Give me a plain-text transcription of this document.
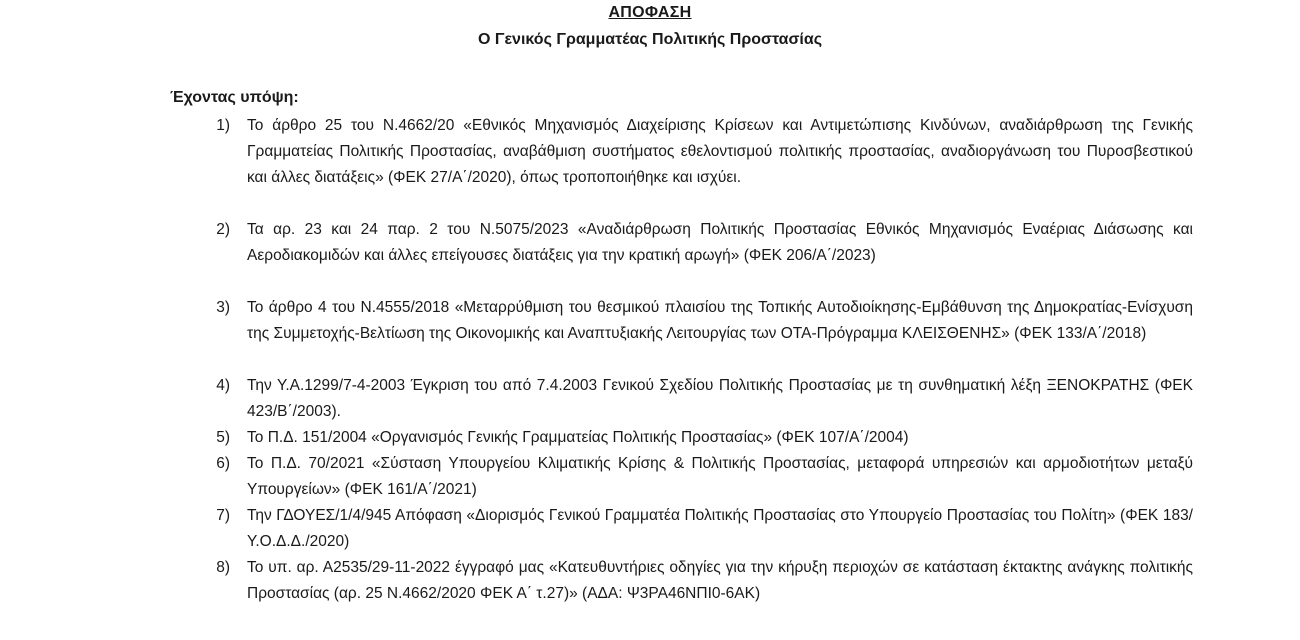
ΑΠΟΦΑΣΗ
Ο Γενικός Γραμματέας Πολιτικής Προστασίας
Έχοντας υπόψη:
1) Το άρθρο 25 του Ν.4662/20 «Εθνικός Μηχανισμός Διαχείρισης Κρίσεων και Αντιμετώπισης Κινδύνων, αναδιάρθρωση της Γενικής Γραμματείας Πολιτικής Προστασίας, αναβάθμιση συστήματος εθελοντισμού πολιτικής προστασίας, αναδιοργάνωση του Πυροσβεστικού και άλλες διατάξεις» (ΦΕΚ 27/Α΄/2020), όπως τροποποιήθηκε και ισχύει.
2) Τα αρ. 23 και 24 παρ. 2 του Ν.5075/2023 «Αναδιάρθρωση Πολιτικής Προστασίας Εθνικός Μηχανισμός Εναέριας Διάσωσης και Αεροδιακομιδών και άλλες επείγουσες διατάξεις για την κρατική αρωγή» (ΦΕΚ 206/Α΄/2023)
3) Το άρθρο 4 του Ν.4555/2018 «Μεταρρύθμιση του θεσμικού πλαισίου της Τοπικής Αυτοδιοίκησης-Εμβάθυνση της Δημοκρατίας-Ενίσχυση της Συμμετοχής-Βελτίωση της Οικονομικής και Αναπτυξιακής Λειτουργίας των ΟΤΑ-Πρόγραμμα ΚΛΕΙΣΘΕΝΗΣ» (ΦΕΚ 133/Α΄/2018)
4) Την Υ.Α.1299/7-4-2003 Έγκριση του από 7.4.2003 Γενικού Σχεδίου Πολιτικής Προστασίας με τη συνθηματική λέξη ΞΕΝΟΚΡΑΤΗΣ (ΦΕΚ 423/Β΄/2003).
5) Το Π.Δ. 151/2004 «Οργανισμός Γενικής Γραμματείας Πολιτικής Προστασίας» (ΦΕΚ 107/Α΄/2004)
6) Το Π.Δ. 70/2021 «Σύσταση Υπουργείου Κλιματικής Κρίσης & Πολιτικής Προστασίας, μεταφορά υπηρεσιών και αρμοδιοτήτων μεταξύ Υπουργείων» (ΦΕΚ 161/Α΄/2021)
7) Την ΓΔΟΥΕΣ/1/4/945 Απόφαση «Διορισμός Γενικού Γραμματέα Πολιτικής Προστασίας στο Υπουργείο Προστασίας του Πολίτη» (ΦΕΚ 183/Υ.Ο.Δ.Δ./2020)
8) Το υπ. αρ. Α2535/29-11-2022 έγγραφό μας «Κατευθυντήριες οδηγίες για την κήρυξη περιοχών σε κατάσταση έκτακτης ανάγκης πολιτικής Προστασίας (αρ. 25 Ν.4662/2020 ΦΕΚ Α΄ τ.27)» (ΑΔΑ: Ψ3ΡΑ46ΝΠΙ0-6ΑΚ)
